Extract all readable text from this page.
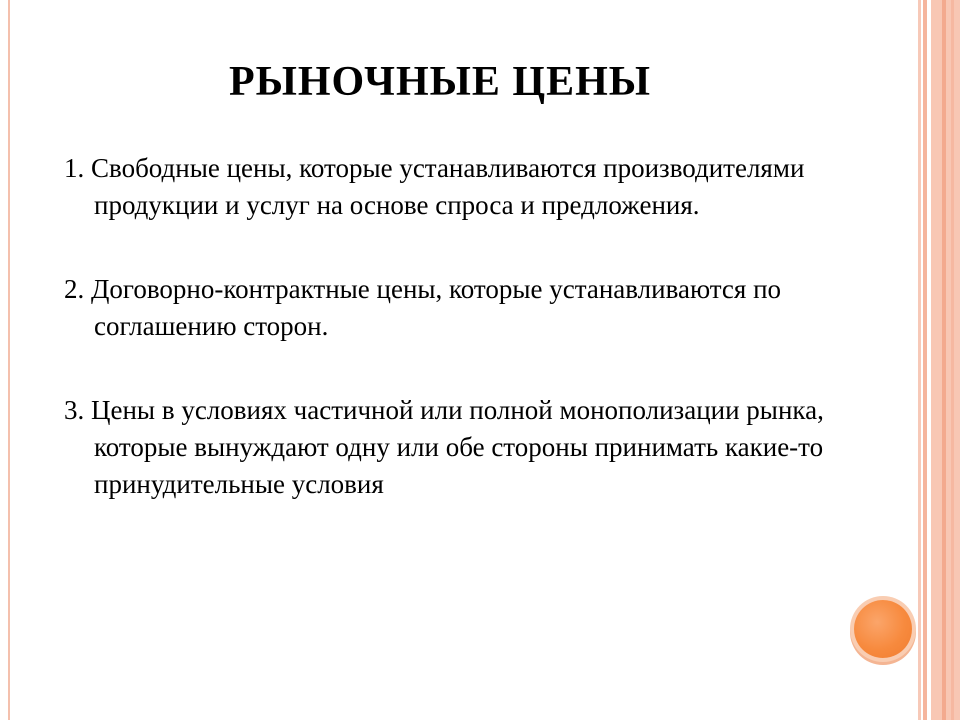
РЫНОЧНЫЕ ЦЕНЫ

1. Свободные цены, которые устанавливаются производителями продукции и услуг на основе спроса и предложения.

2. Договорно-контрактные цены, которые устанавливаются по соглашению сторон.

3. Цены в условиях частичной или полной монополизации рынка, которые вынуждают одну или обе стороны принимать какие-то принудительные условия
